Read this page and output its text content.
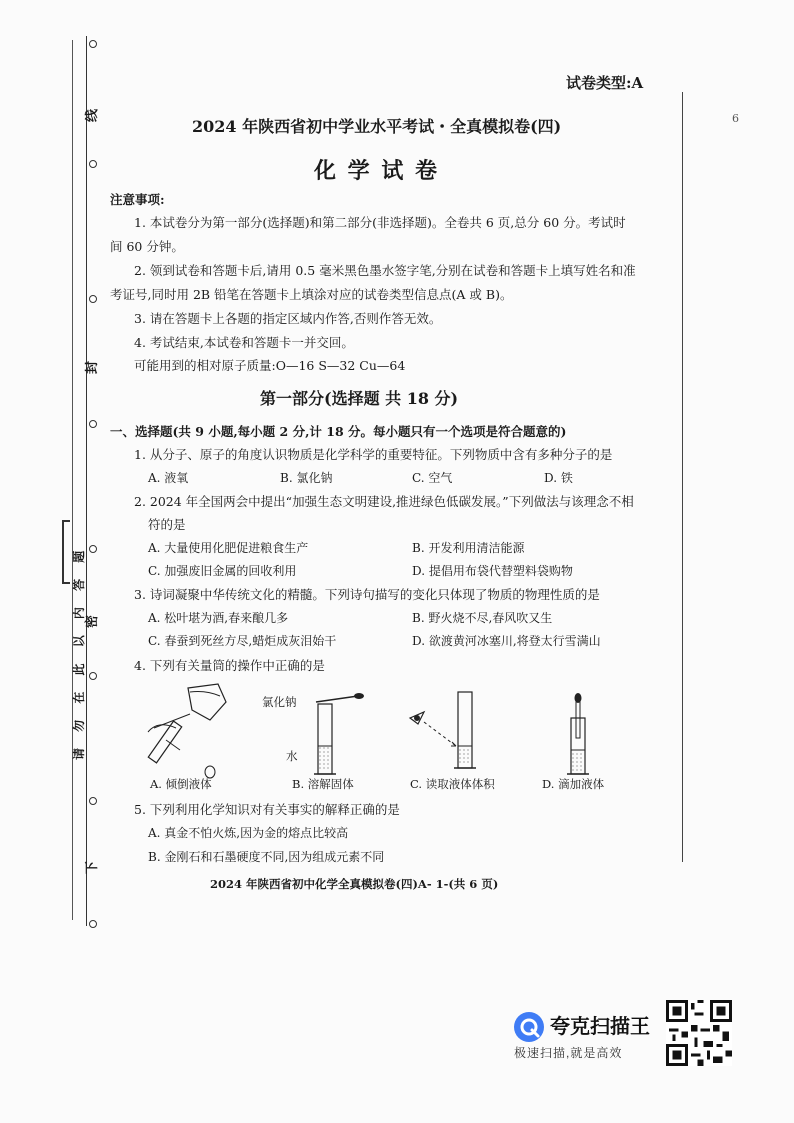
线
封
密
下
请 勿 在 此 以 内 答 题
试卷类型:A
6
2024 年陕西省初中学业水平考试・全真模拟卷(四)
化 学 试 卷
注意事项:
1. 本试卷分为第一部分(选择题)和第二部分(非选择题)。全卷共 6 页,总分 60 分。考试时
间 60 分钟。
2. 领到试卷和答题卡后,请用 0.5 毫米黑色墨水签字笔,分别在试卷和答题卡上填写姓名和准
考证号,同时用 2B 铅笔在答题卡上填涂对应的试卷类型信息点(A 或 B)。
3. 请在答题卡上各题的指定区域内作答,否则作答无效。
4. 考试结束,本试卷和答题卡一并交回。
可能用到的相对原子质量:O—16 S—32 Cu—64
第一部分(选择题 共 18 分)
一、选择题(共 9 小题,每小题 2 分,计 18 分。每小题只有一个选项是符合题意的)
1. 从分子、原子的角度认识物质是化学科学的重要特征。下列物质中含有多种分子的是
A. 液氧	B. 氯化钠	C. 空气	D. 铁
2. 2024 年全国两会中提出“加强生态文明建设,推进绿色低碳发展。”下列做法与该理念不相
符的是
A. 大量使用化肥促进粮食生产	B. 开发利用清洁能源
C. 加强废旧金属的回收利用	D. 提倡用布袋代替塑料袋购物
3. 诗词凝聚中华传统文化的精髓。下列诗句描写的变化只体现了物质的物理性质的是
A. 松叶堪为酒,春来酿几多	B. 野火烧不尽,春风吹又生
C. 春蚕到死丝方尽,蜡炬成灰泪始干	D. 欲渡黄河冰塞川,将登太行雪满山
4. 下列有关量筒的操作中正确的是
氯化钠
水
A. 倾倒液体	B. 溶解固体	C. 读取液体体积	D. 滴加液体
5. 下列利用化学知识对有关事实的解释正确的是
A. 真金不怕火炼,因为金的熔点比较高
B. 金刚石和石墨硬度不同,因为组成元素不同
2024 年陕西省初中化学全真模拟卷(四)A- 1-(共 6 页)
夸克扫描王
极速扫描,就是高效
